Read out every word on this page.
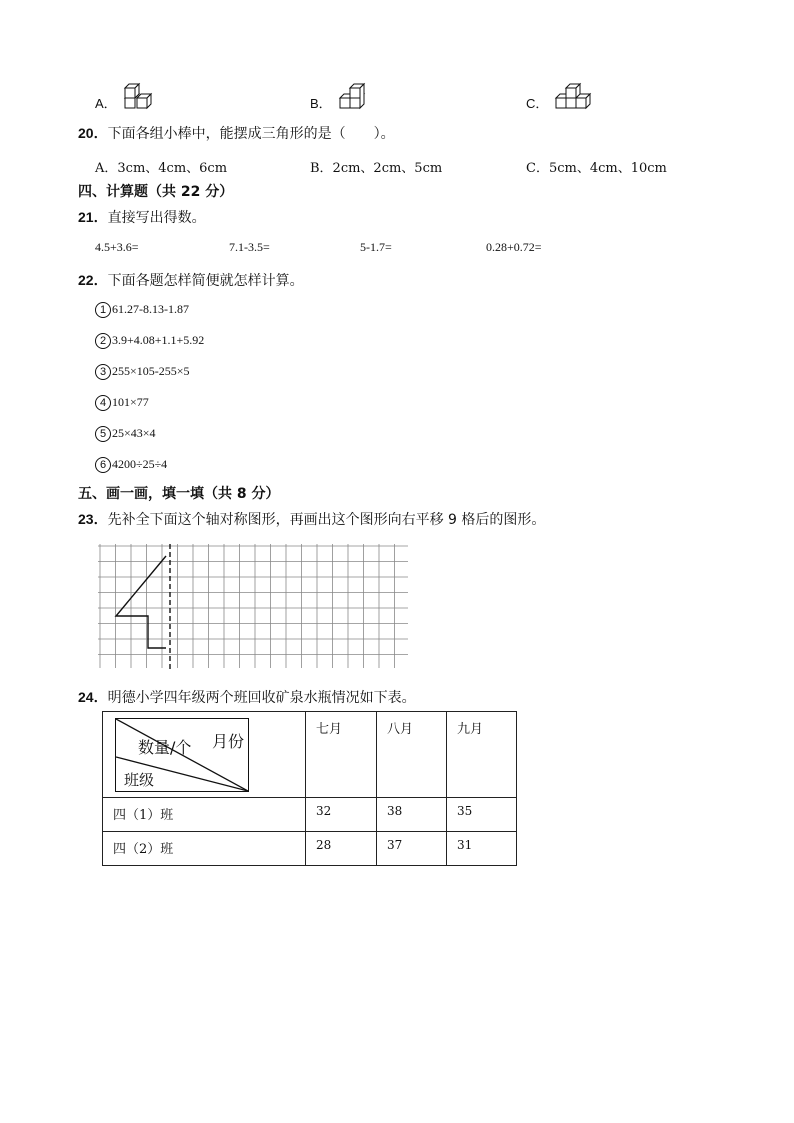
A．	B．	C．
20．下面各组小棒中，能摆成三角形的是（　　）。
A．3cm、4cm、6cm	B．2cm、2cm、5cm	C．5cm、4cm、10cm
四、计算题（共 22 分）
21．直接写出得数。
4.5+3.6=	7.1-3.5=	5-1.7=	0.28+0.72=
22．下面各题怎样简便就怎样计算。
1 61.27-8.13-1.87
2 3.9+4.08+1.1+5.92
3 255×105-255×5
4 101×77
5 25×43×4
6 4200÷25÷4
五、画一画，填一填（共 8 分）
23．先补全下面这个轴对称图形，再画出这个图形向右平移 9 格后的图形。
24．明德小学四年级两个班回收矿泉水瓶情况如下表。
月份
数量/个
班级	七月	八月	九月

四（1）班	32	38	35

四（2）班	28	37	31
